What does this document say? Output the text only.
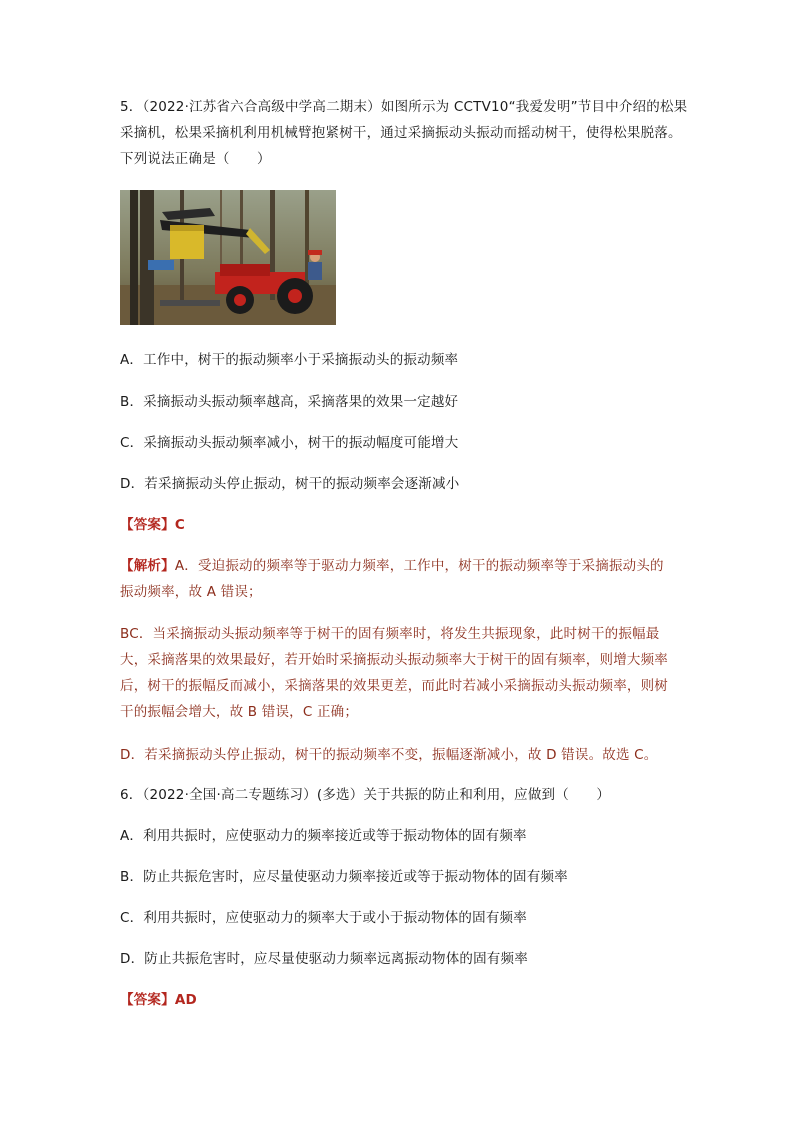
5．（2022·江苏省六合高级中学高二期末）如图所示为 CCTV10“我爱发明”节目中介绍的松果
采摘机，松果采摘机利用机械臂抱紧树干，通过采摘振动头振动而摇动树干，使得松果脱落。
下列说法正确是（　　）
A．工作中，树干的振动频率小于采摘振动头的振动频率
B．采摘振动头振动频率越高，采摘落果的效果一定越好
C．采摘振动头振动频率减小，树干的振动幅度可能增大
D．若采摘振动头停止振动，树干的振动频率会逐渐减小
【答案】C
【解析】A．受迫振动的频率等于驱动力频率，工作中，树干的振动频率等于采摘振动头的
振动频率，故 A 错误；
BC．当采摘振动头振动频率等于树干的固有频率时，将发生共振现象，此时树干的振幅最
大，采摘落果的效果最好，若开始时采摘振动头振动频率大于树干的固有频率，则增大频率
后，树干的振幅反而减小，采摘落果的效果更差，而此时若减小采摘振动头振动频率，则树
干的振幅会增大，故 B 错误，C 正确；
D．若采摘振动头停止振动，树干的振动频率不变，振幅逐渐减小，故 D 错误。故选 C。
6．（2022·全国·高二专题练习）(多选）关于共振的防止和利用，应做到（　　）
A．利用共振时，应使驱动力的频率接近或等于振动物体的固有频率
B．防止共振危害时，应尽量使驱动力频率接近或等于振动物体的固有频率
C．利用共振时，应使驱动力的频率大于或小于振动物体的固有频率
D．防止共振危害时，应尽量使驱动力频率远离振动物体的固有频率
【答案】AD
